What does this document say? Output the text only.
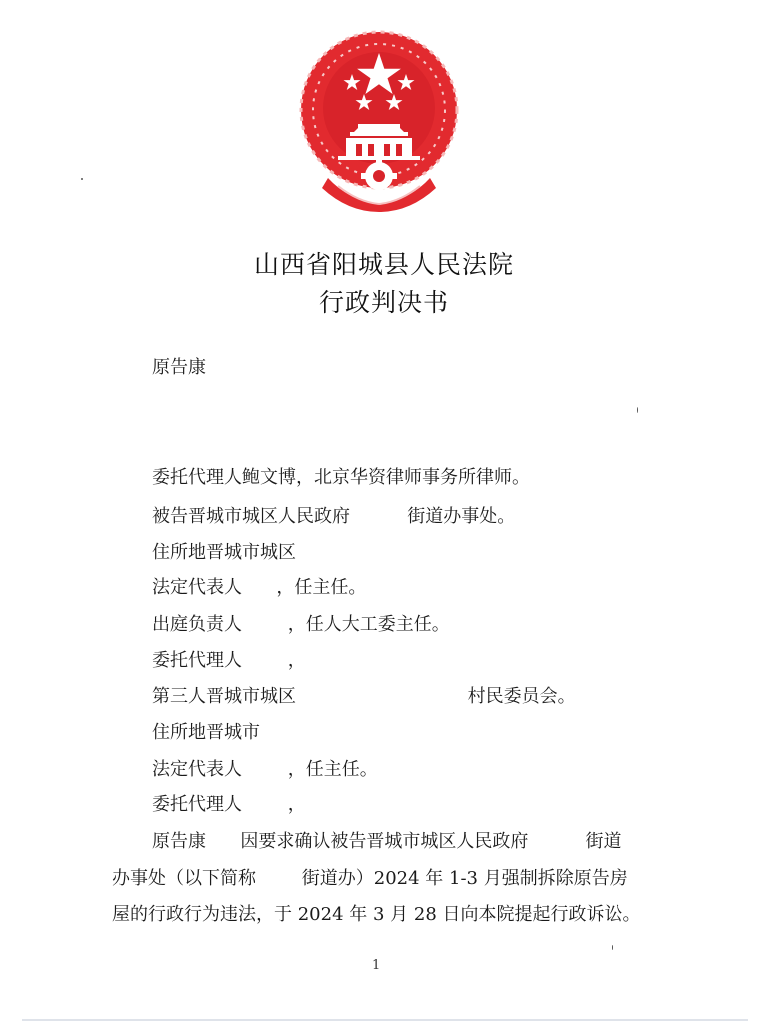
山西省阳城县人民法院
行政判决书
原告康
委托代理人鲍文博，北京华资律师事务所律师。
被告晋城市城区人民政府          街道办事处。
住所地晋城市城区
法定代表人      ，任主任。
出庭负责人        ，任人大工委主任。
委托代理人        ，
第三人晋城市城区                              村民委员会。
住所地晋城市
法定代表人        ，任主任。
委托代理人        ，
原告康      因要求确认被告晋城市城区人民政府          街道
办事处（以下简称        街道办）2024 年 1-3 月强制拆除原告房
屋的行政行为违法，于 2024 年 3 月 28 日向本院提起行政诉讼。
1
